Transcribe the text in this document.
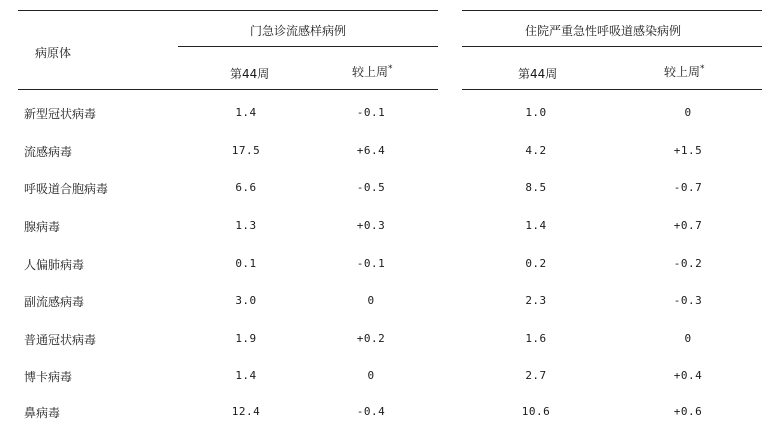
病原体
门急诊流感样病例	住院严重急性呼吸道感染病例
第44周	较上周*	第44周	较上周*
新型冠状病毒	1.4	-0.1	1.0	0
流感病毒	17.5	+6.4	4.2	+1.5
呼吸道合胞病毒	6.6	-0.5	8.5	-0.7
腺病毒	1.3	+0.3	1.4	+0.7
人偏肺病毒	0.1	-0.1	0.2	-0.2
副流感病毒	3.0	0	2.3	-0.3
普通冠状病毒	1.9	+0.2	1.6	0
博卡病毒	1.4	0	2.7	+0.4
鼻病毒	12.4	-0.4	10.6	+0.6
